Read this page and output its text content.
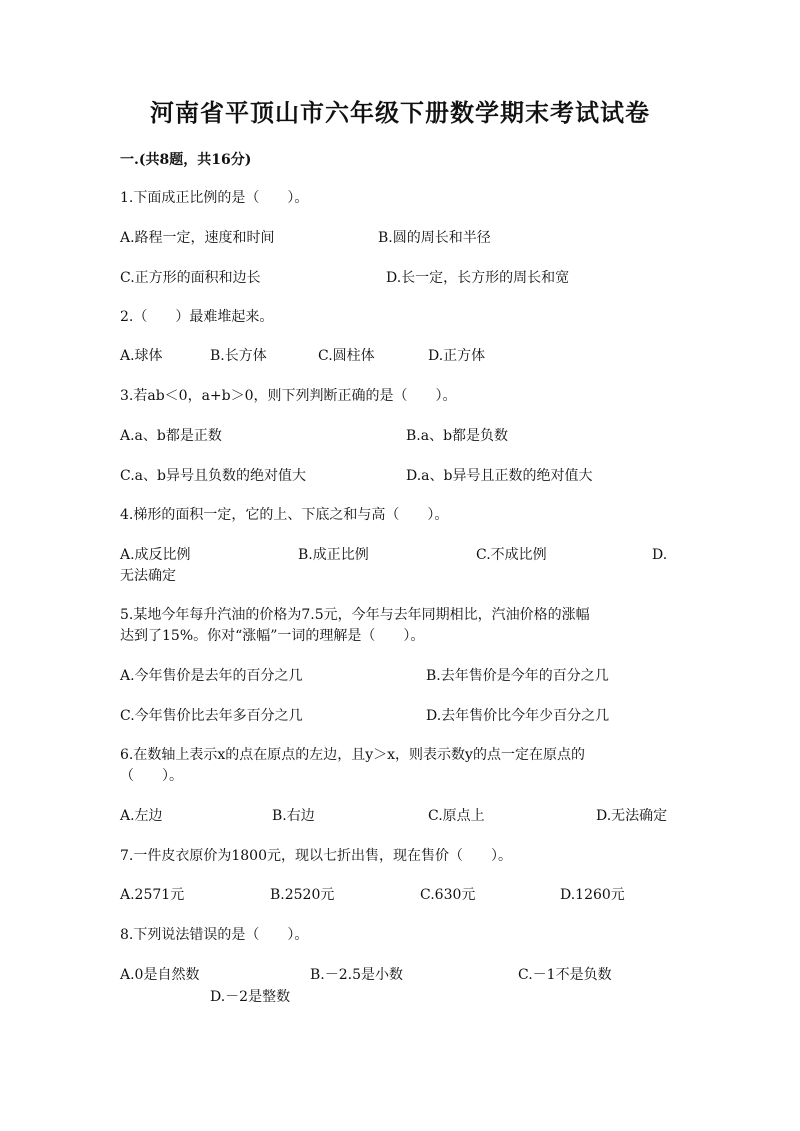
河南省平顶山市六年级下册数学期末考试试卷
一.(共8题，共16分)
1.下面成正比例的是（　　）。
A.路程一定，速度和时间	B.圆的周长和半径
C.正方形的面积和边长	D.长一定，长方形的周长和宽
2.（　　）最难堆起来。
A.球体	B.长方体	C.圆柱体	D.正方体
3.若ab＜0，a+b＞0，则下列判断正确的是（　　）。
A.a、b都是正数	B.a、b都是负数
C.a、b异号且负数的绝对值大	D.a、b异号且正数的绝对值大
4.梯形的面积一定，它的上、下底之和与高（　　）。
A.成反比例	B.成正比例	C.不成比例	D.
无法确定
5.某地今年每升汽油的价格为7.5元，今年与去年同期相比，汽油价格的涨幅
达到了15%。你对“涨幅”一词的理解是（　　）。
A.今年售价是去年的百分之几	B.去年售价是今年的百分之几
C.今年售价比去年多百分之几	D.去年售价比今年少百分之几
6.在数轴上表示x的点在原点的左边，且y＞x，则表示数y的点一定在原点的
（　　）。
A.左边	B.右边	C.原点上	D.无法确定
7.一件皮衣原价为1800元，现以七折出售，现在售价（　　）。
A.2571元	B.2520元	C.630元	D.1260元
8.下列说法错误的是（　　）。
A.0是自然数	B.－2.5是小数	C.－1不是负数
D.－2是整数
